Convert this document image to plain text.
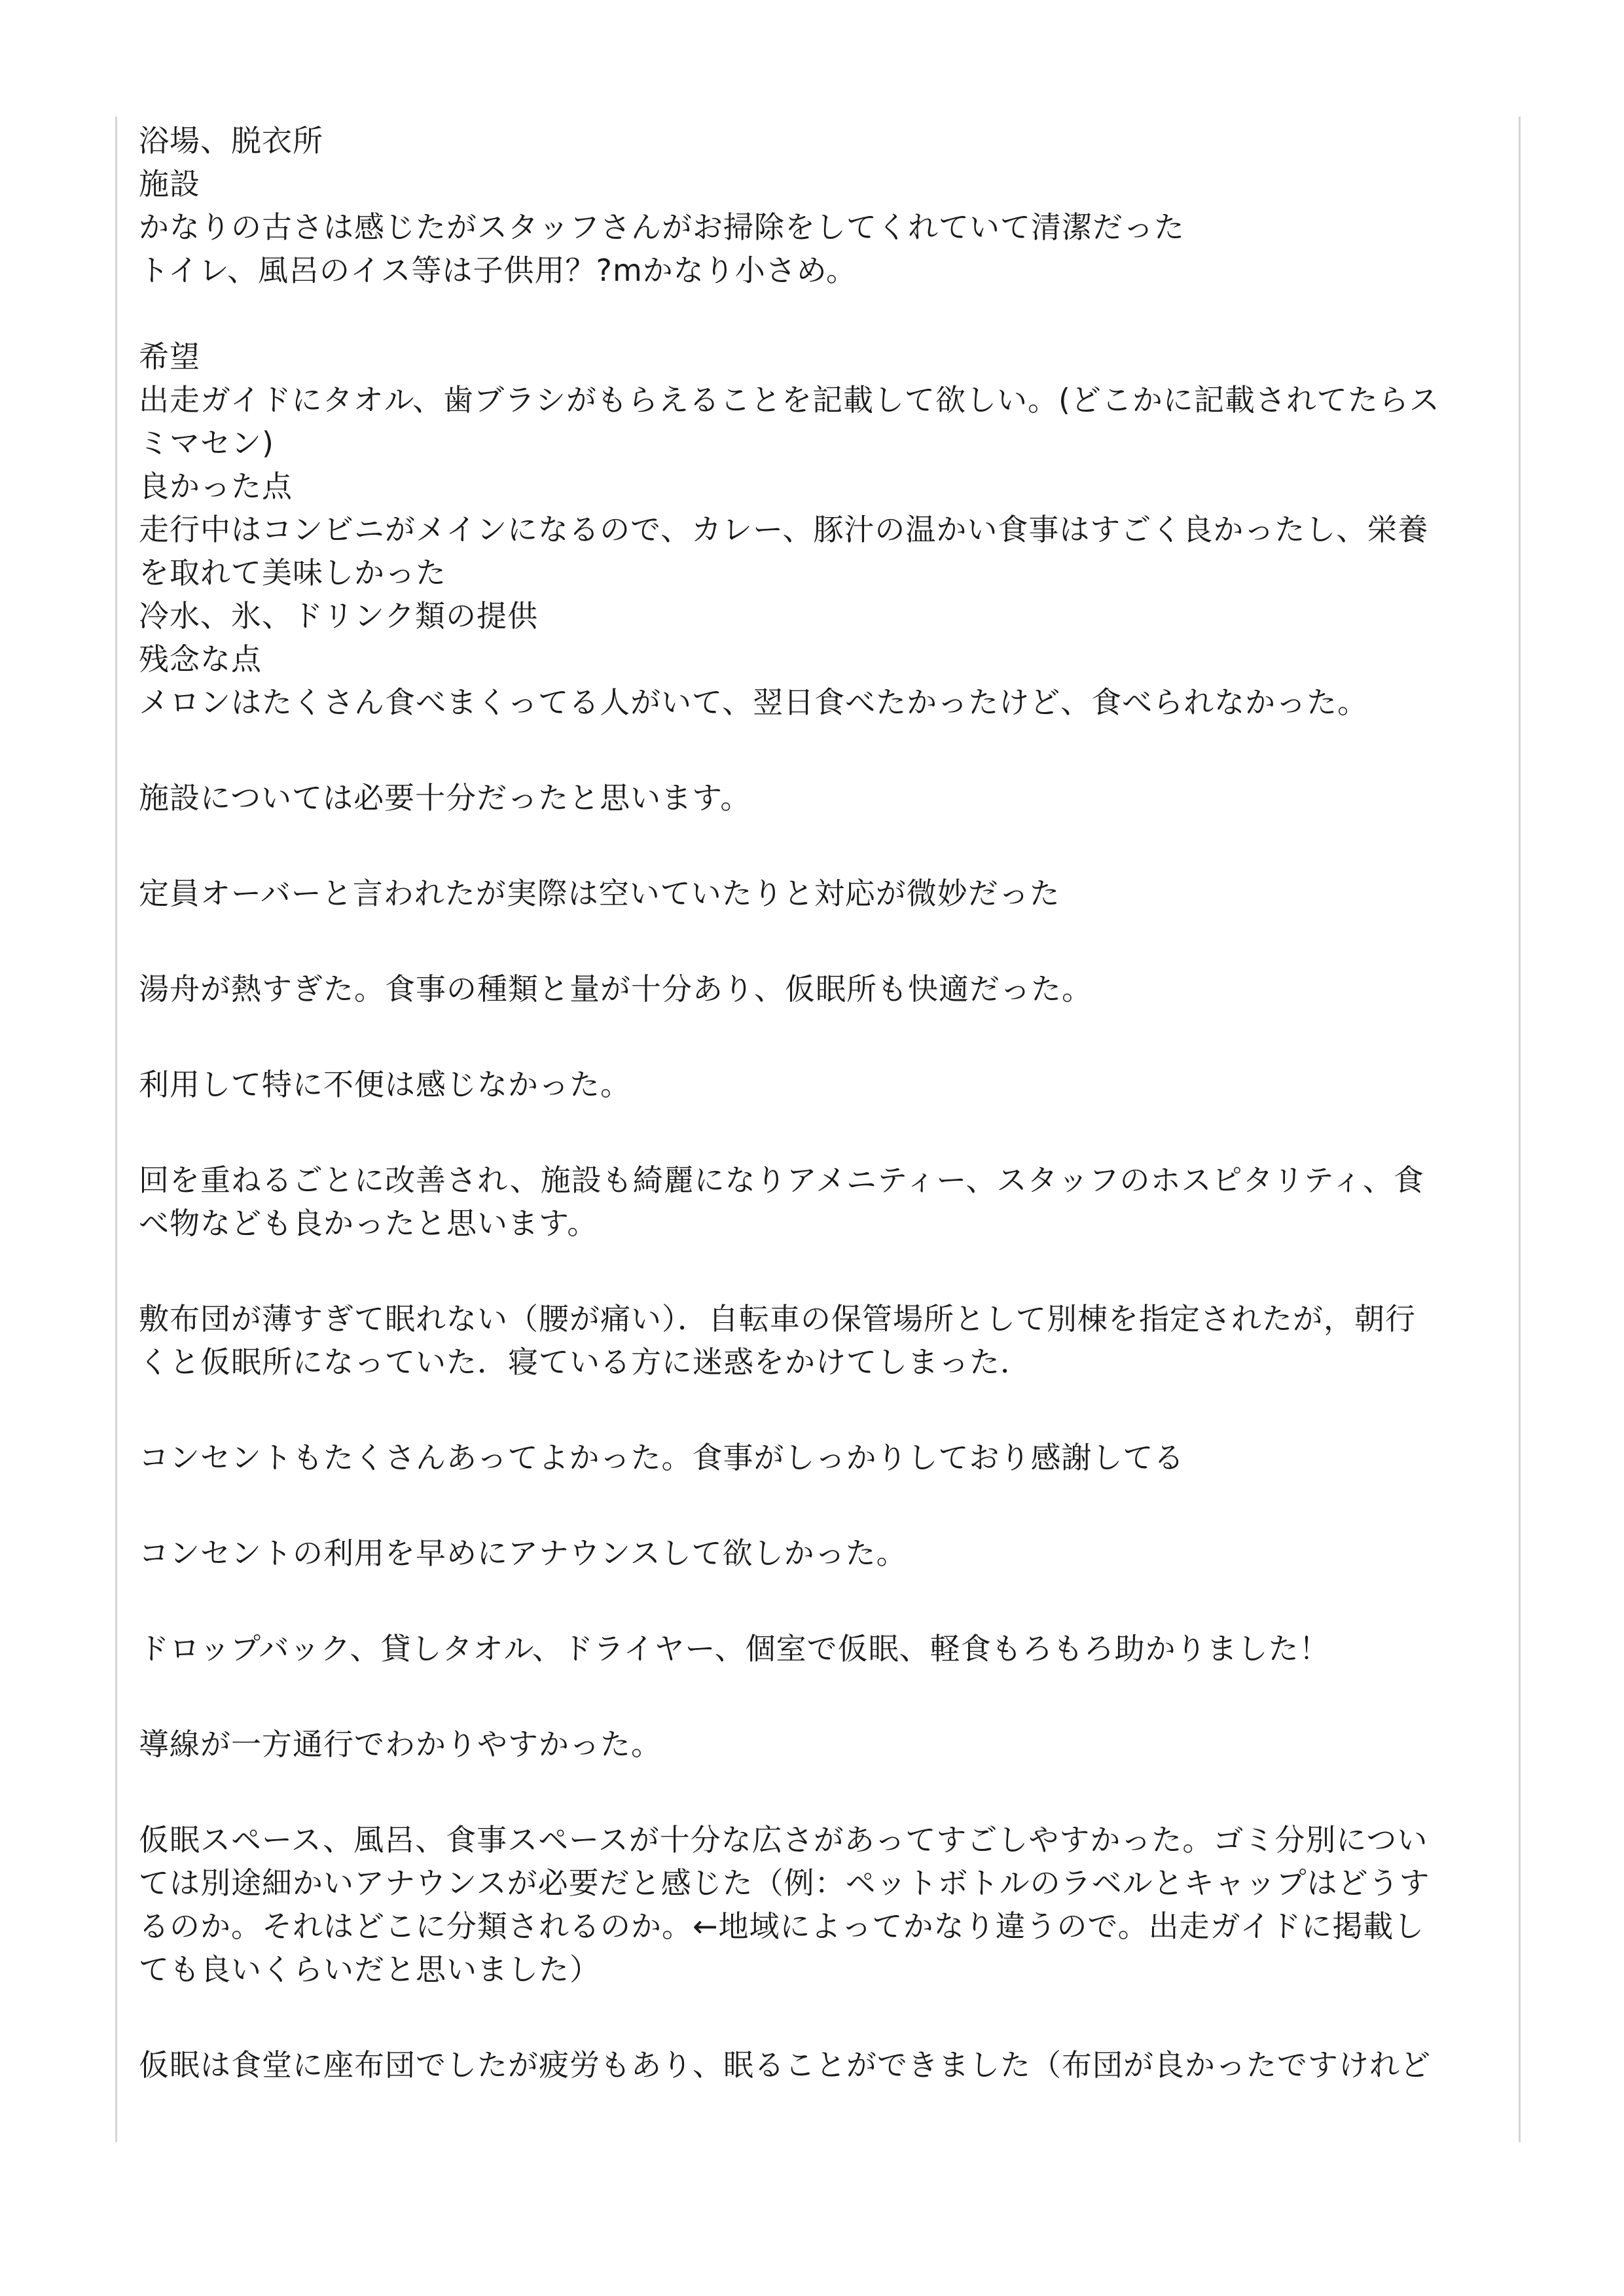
浴場、脱衣所
施設
かなりの古さは感じたがスタッフさんがお掃除をしてくれていて清潔だった
トイレ、風呂のイス等は子供用？?mかなり小さめ。
希望
出走ガイドにタオル、歯ブラシがもらえることを記載して欲しい。(どこかに記載されてたらス
ミマセン)
良かった点
走行中はコンビニがメインになるので、カレー、豚汁の温かい食事はすごく良かったし、栄養
を取れて美味しかった
冷水、氷、ドリンク類の提供
残念な点
メロンはたくさん食べまくってる人がいて、翌日食べたかったけど、食べられなかった。
施設については必要十分だったと思います。
定員オーバーと言われたが実際は空いていたりと対応が微妙だった
湯舟が熱すぎた。食事の種類と量が十分あり、仮眠所も快適だった。
利用して特に不便は感じなかった。
回を重ねるごとに改善され、施設も綺麗になりアメニティー、スタッフのホスピタリティ、食
べ物なども良かったと思います。
敷布団が薄すぎて眠れない（腰が痛い）．自転車の保管場所として別棟を指定されたが，朝行
くと仮眠所になっていた．寝ている方に迷惑をかけてしまった．
コンセントもたくさんあってよかった。食事がしっかりしており感謝してる
コンセントの利用を早めにアナウンスして欲しかった。
ドロップバック、貸しタオル、ドライヤー、個室で仮眠、軽食もろもろ助かりました！
導線が一方通行でわかりやすかった。
仮眠スペース、風呂、食事スペースが十分な広さがあってすごしやすかった。ゴミ分別につい
ては別途細かいアナウンスが必要だと感じた（例：ペットボトルのラベルとキャップはどうす
るのか。それはどこに分類されるのか。←地域によってかなり違うので。出走ガイドに掲載し
ても良いくらいだと思いました）
仮眠は食堂に座布団でしたが疲労もあり、眠ることができました（布団が良かったですけれど
